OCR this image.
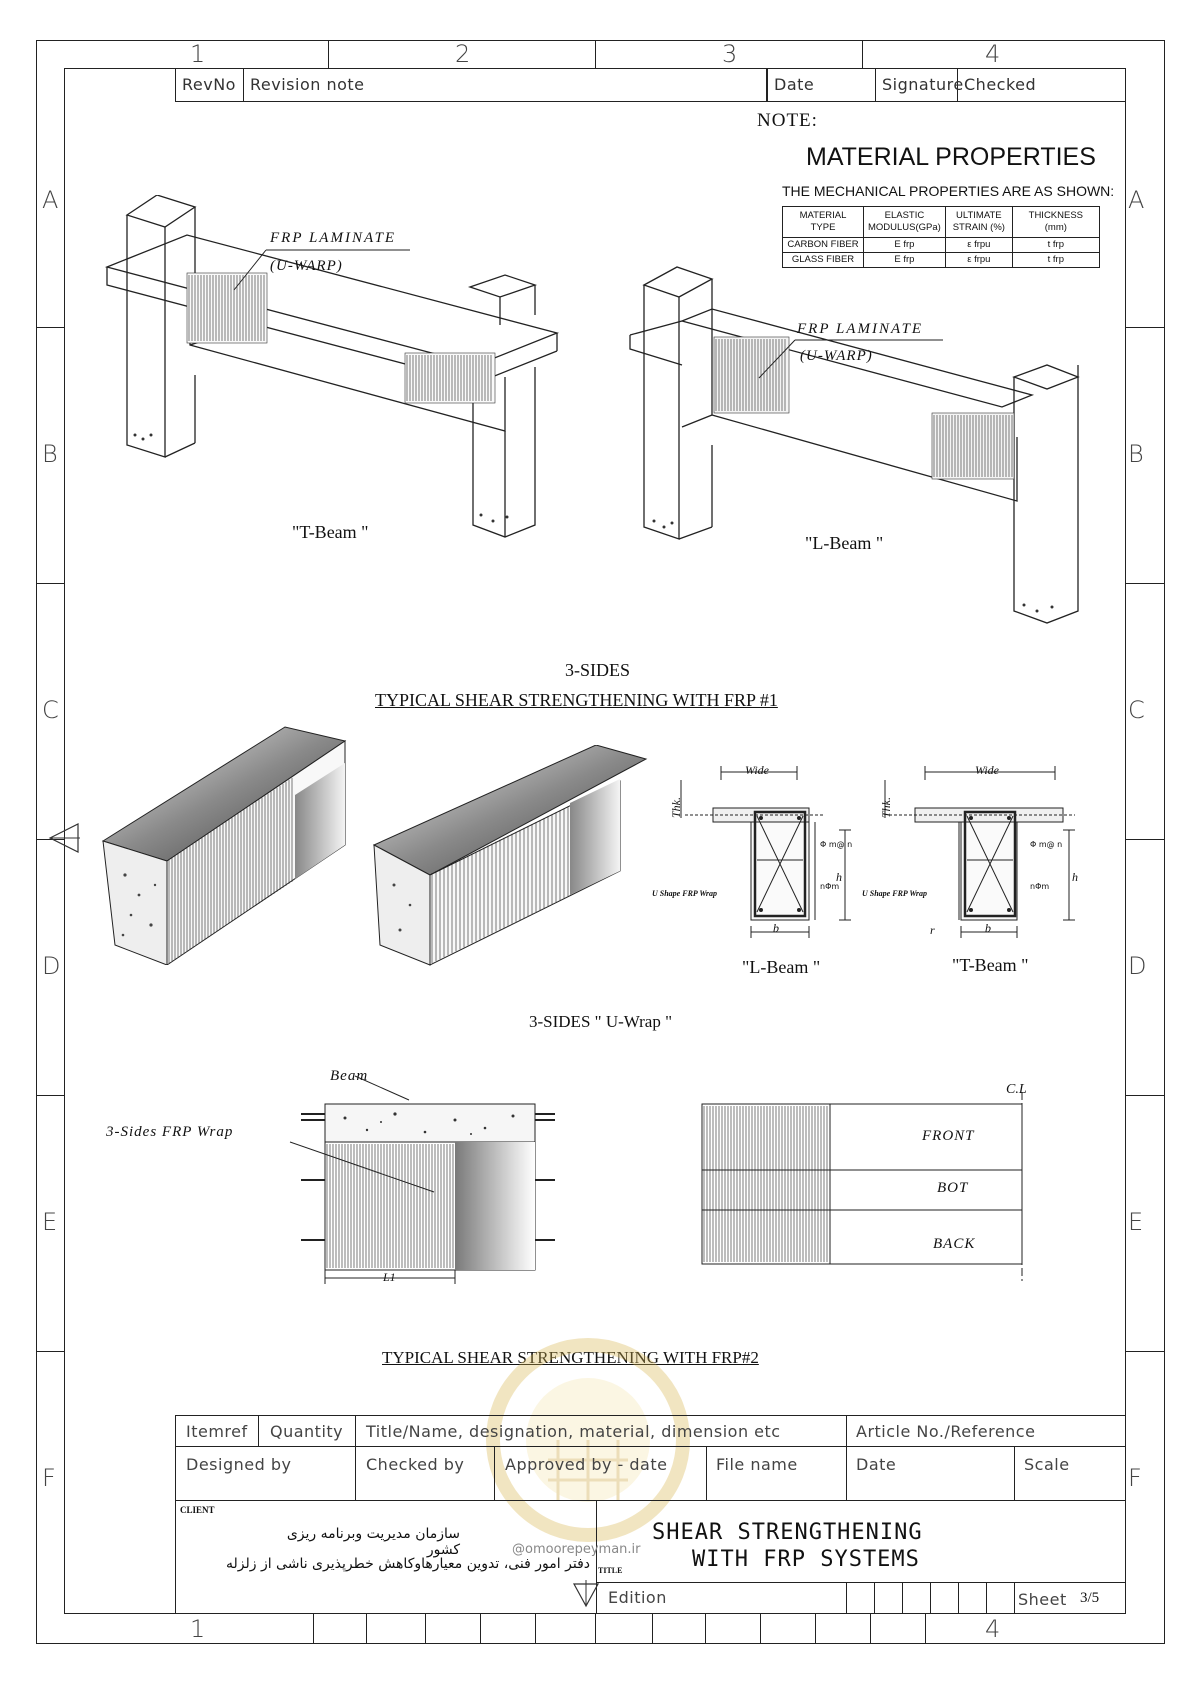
1	2	3	4
1	4
A
B
C
D
E
F
A
B
C
D
E
F
RevNo Revision note	Date	Signature Checked
NOTE:
MATERIAL PROPERTIES
THE MECHANICAL PROPERTIES ARE AS SHOWN:
MATERIAL TYPE	ELASTIC MODULUS(GPa)	ULTIMATE STRAIN (%)	THICKNESS (mm)
CARBON FIBER	E frp	ε frpu	t frp
GLASS FIBER	E frp	ε frpu	t frp
FRP LAMINATE
(U-WARP)
"T-Beam "
FRP LAMINATE
(U-WARP)
"L-Beam "
3-SIDES
TYPICAL SHEAR STRENGTHENING WITH FRP #1
Wide
Thk.
h
b
Φ m@ n
nΦm
U Shape FRP Wrap
"L-Beam "
Wide
Thk.
h
b
r
Φ m@ n
nΦm
U Shape FRP Wrap
"T-Beam "
3-SIDES " U-Wrap "
Beam
3-Sides FRP Wrap
L1
C.L
FRONT
BOT
BACK
TYPICAL SHEAR STRENGTHENING WITH FRP#2
Itemref Quantity Title/Name, designation, material, dimension etc	Article No./Reference
Designed by	Checked by	Approved by - date	File name	Date	Scale
CLIENT
سازمان مدیریت وبرنامه ریزی کشور
دفتر امور فنی، تدوین معیارهاوکاهش خطرپذیری ناشی از زلزله TITLE
SHEAR STRENGTHENING
WITH FRP SYSTEMS
@omoorepeyman.ir
Edition	Sheet 3/5
